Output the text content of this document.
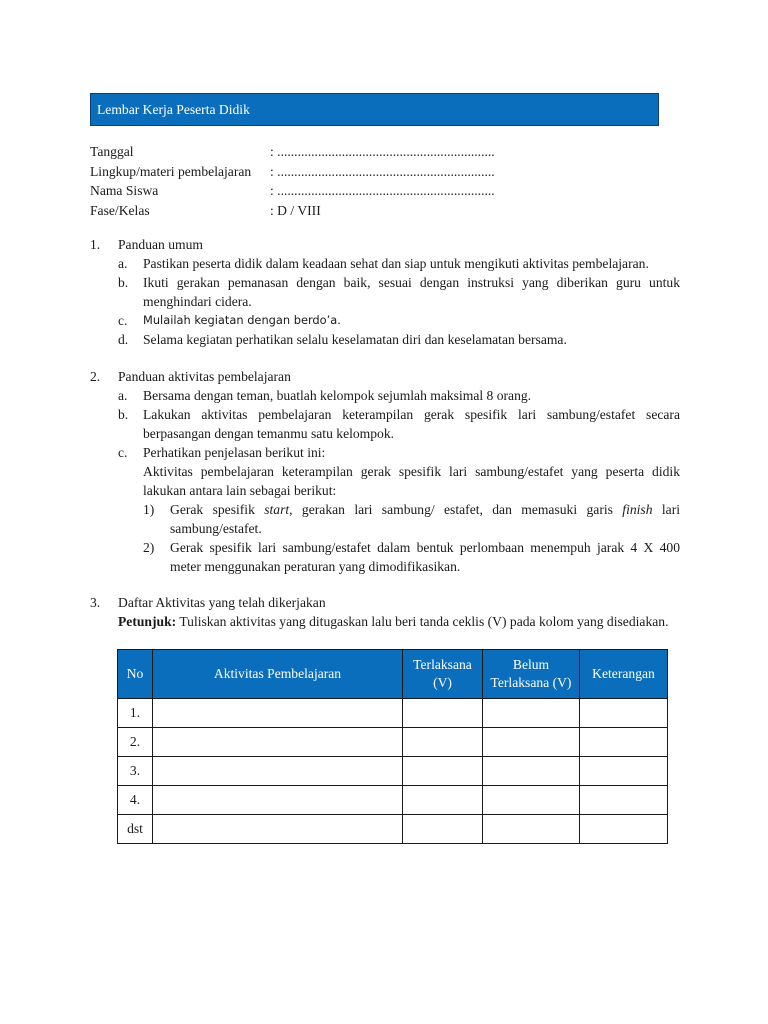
Lembar Kerja Peserta Didik
Tanggal	: ................................................................
Lingkup/materi pembelajaran : ................................................................
Nama Siswa	: ................................................................
Fase/Kelas	: D / VIII
1. Panduan umum
a. Pastikan peserta didik dalam keadaan sehat dan siap untuk mengikuti aktivitas pembelajaran.
b. Ikuti gerakan pemanasan dengan baik, sesuai dengan instruksi yang diberikan guru untuk
menghindari cidera.
c. Mulailah kegiatan dengan berdo’a.
d. Selama kegiatan perhatikan selalu keselamatan diri dan keselamatan bersama.
2. Panduan aktivitas pembelajaran
a. Bersama dengan teman, buatlah kelompok sejumlah maksimal 8 orang.
b. Lakukan aktivitas pembelajaran keterampilan gerak spesifik lari sambung/estafet secara
berpasangan dengan temanmu satu kelompok.
c. Perhatikan penjelasan berikut ini:
Aktivitas pembelajaran keterampilan gerak spesifik lari sambung/estafet yang peserta didik
lakukan antara lain sebagai berikut:
1) Gerak spesifik start, gerakan lari sambung/ estafet, dan memasuki garis finish lari
sambung/estafet.
2) Gerak spesifik lari sambung/estafet dalam bentuk perlombaan menempuh jarak 4 X 400
meter menggunakan peraturan yang dimodifikasikan.
3. Daftar Aktivitas yang telah dikerjakan
Petunjuk: Tuliskan aktivitas yang ditugaskan lalu beri tanda ceklis (V) pada kolom yang disediakan.
No	Aktivitas Pembelajaran	Terlaksana (V)	Belum Terlaksana (V)	Keterangan
1.				
2.				
3.				
4.				
dst				
